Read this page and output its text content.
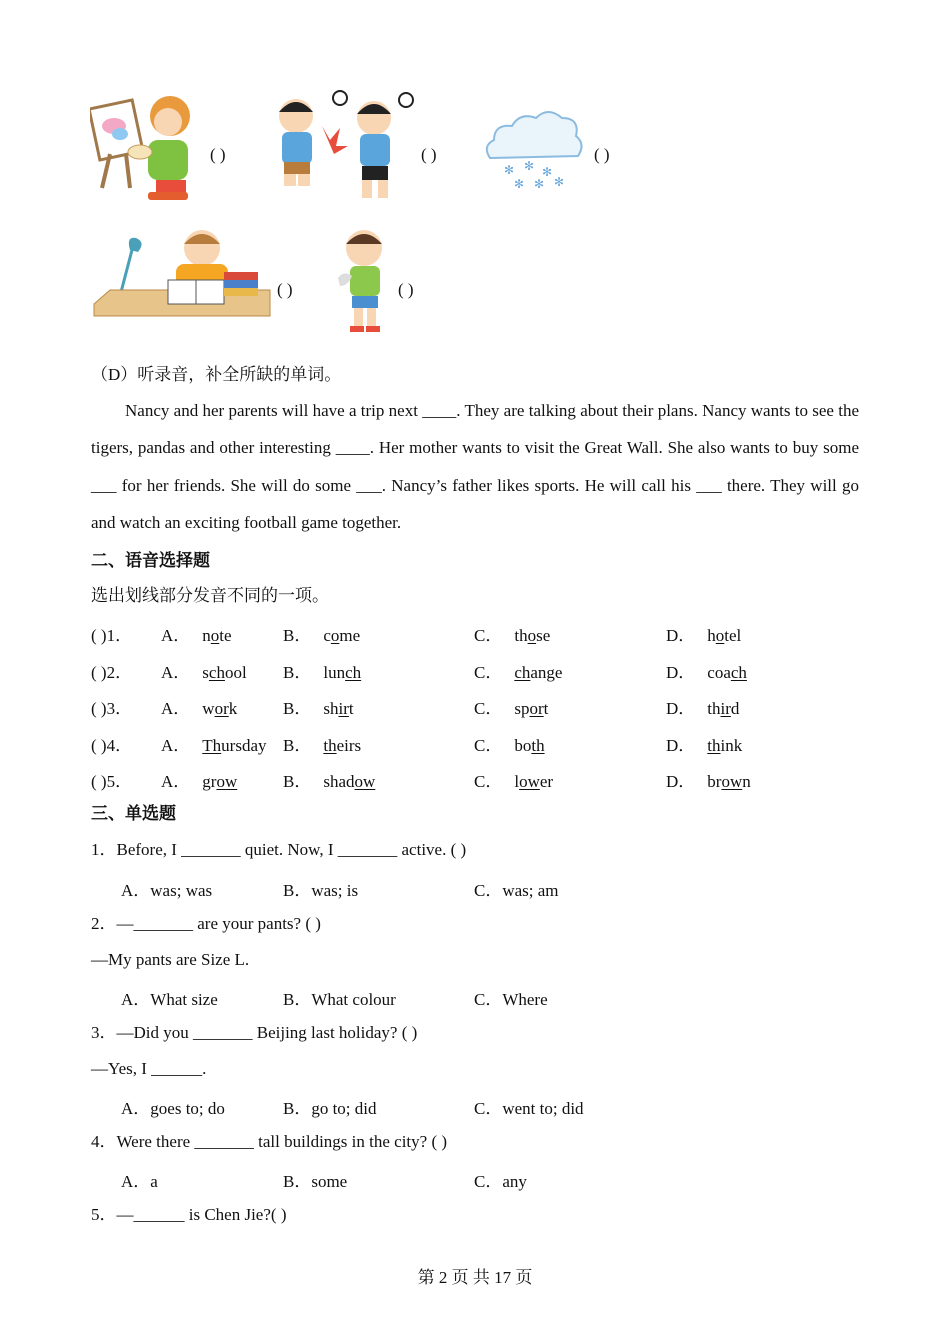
( )	( )
✻ ✻ ✻
✻ ✻ ✻
( )
( )	( )
（D）听录音，补全所缺的单词。
Nancy and her parents will have a trip next ____. They are talking about their plans. Nancy wants to see the tigers, pandas and other interesting ____. Her mother wants to visit the Great Wall. She also wants to buy some ___ for her friends. She will do some ___. Nancy’s father likes sports. He will call his ___ there. They will go and watch an exciting football game together.
二、语音选择题
选出划线部分发音不同的一项。
( )1． A． note	B． come	C． those	D． hotel
( )2． A． school B． lunch	C． change	D． coach
( )3． A． work	B． shirt	C． sport	D． third
( )4． A． Thursday B． theirs	C． both	D． think
( )5． A． grow	B． shadow	C． lower	D． brown
三、单选题
1．Before, I _______ quiet. Now, I _______ active. ( )
A．was; was	B．was; is	C．was; am
2．—_______ are your pants? ( )
—My pants are Size L.
A．What size	B．What colour	C．Where
3．—Did you _______ Beijing last holiday? ( )
—Yes, I ______.
A．goes to; do	B．go to; did	C．went to; did
4．Were there _______ tall buildings in the city? ( )
A．a	B．some	C．any
5．—______ is Chen Jie?( )
第 2 页 共 17 页
